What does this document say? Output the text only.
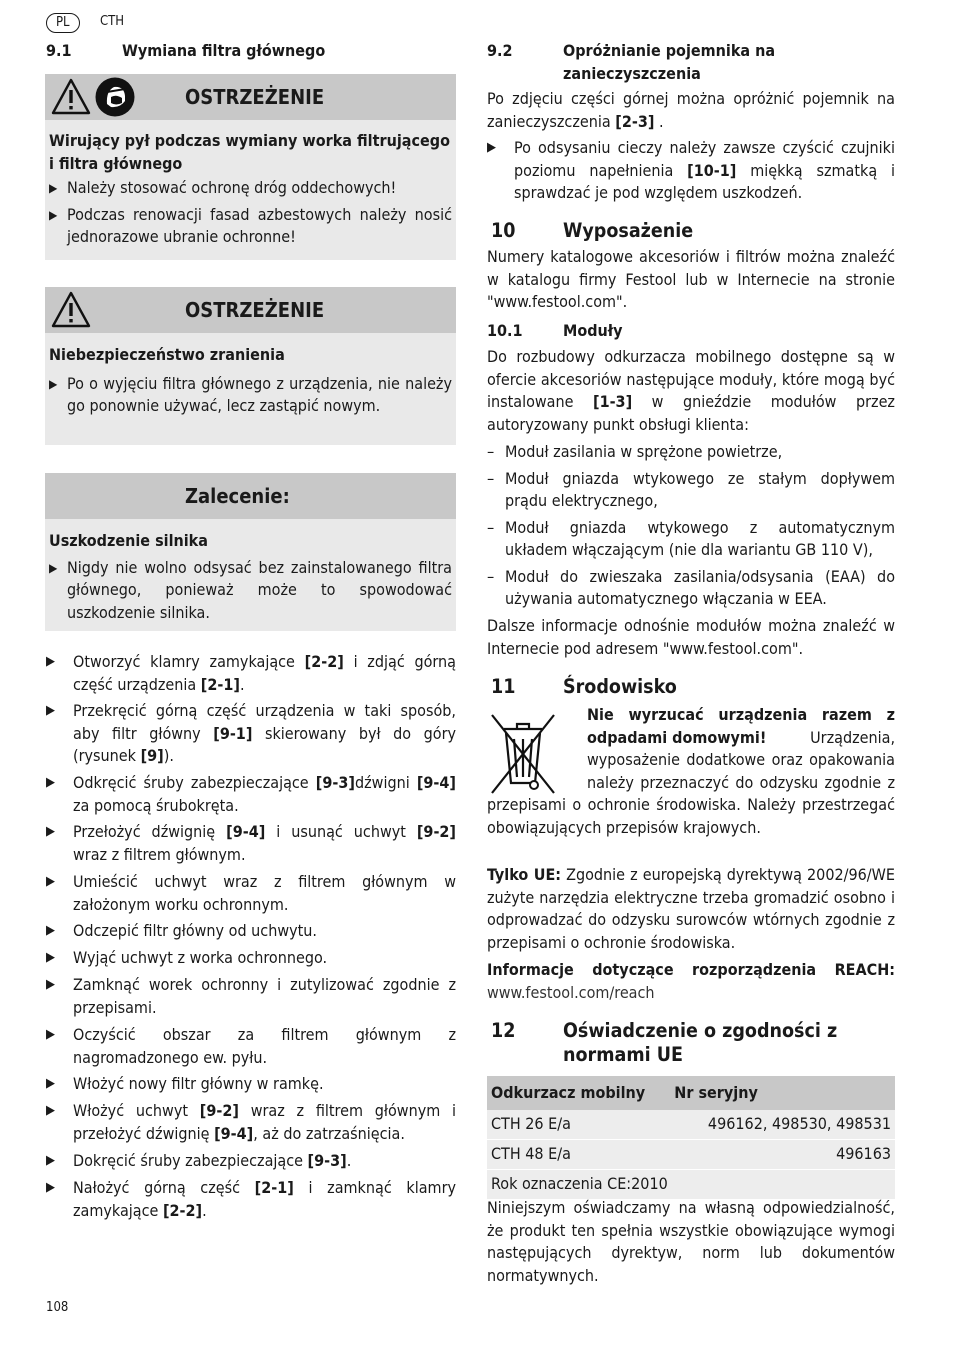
PL	CTH
9.1	Wymiana filtra głównego
OSTRZEŻENIE
Wirujący pył podczas wymiany worka filtrującego i filtra głównego
▶ Należy stosować ochronę dróg oddechowych!
▶ Podczas renowacji fasad azbestowych należy nosić jednorazowe ubranie ochronne!
OSTRZEŻENIE
Niebezpieczeństwo zranienia
▶ Po o wyjęciu filtra głównego z urządzenia, nie należy go ponownie używać, lecz zastąpić nowym.
Zalecenie:
Uszkodzenie silnika
▶ Nigdy nie wolno odsysać bez zainstalowanego filtra głównego, ponieważ może to spowodować uszkodzenie silnika.
▶ Otworzyć klamry zamykające [2-2] i zdjąć górną część urządzenia [2-1].
▶ Przekręcić górną część urządzenia w taki sposób, aby filtr główny [9-1] skierowany był do góry (rysunek [9]).
▶ Odkręcić śruby zabezpieczające [9-3]dźwigni [9-4] za pomocą śrubokręta.
▶ Przełożyć dźwignię [9-4] i usunąć uchwyt [9-2] wraz z filtrem głównym.
▶ Umieścić uchwyt wraz z filtrem głównym w założonym worku ochronnym.
▶ Odczepić filtr główny od uchwytu.
▶ Wyjąć uchwyt z worka ochronnego.
▶ Zamknąć worek ochronny i zutylizować zgodnie z przepisami.
▶ Oczyścić obszar za filtrem głównym z nagromadzonego ew. pyłu.
▶ Włożyć nowy filtr główny w ramkę.
▶ Włożyć uchwyt [9-2] wraz z filtrem głównym i przełożyć dźwignię [9-4], aż do zatrzaśnięcia.
▶ Dokręcić śruby zabezpieczające [9-3].
▶ Nałożyć górną część [2-1] i zamknąć klamry zamykające [2-2].
9.2	Opróżnianie pojemnika na zanieczyszczenia
Po zdjęciu części górnej można opróżnić pojemnik na zanieczyszczenia [2-3] .
▶ Po odsysaniu cieczy należy zawsze czyścić czujniki poziomu napełnienia [10-1] miękką szmatką i sprawdzać je pod względem uszkodzeń.
10 Wyposażenie
Numery katalogowe akcesoriów i filtrów można znaleźć w katalogu firmy Festool lub w Internecie na stronie "www.festool.com".
10.1	Moduły
Do rozbudowy odkurzacza mobilnego dostępne są w ofercie akcesoriów następujące moduły, które mogą być instalowane [1-3] w gnieździe modułów przez autoryzowany punkt obsługi klienta:
– Moduł zasilania w sprężone powietrze,
– Moduł gniazda wtykowego ze stałym dopływem prądu elektrycznego,
– Moduł gniazda wtykowego z automatycznym układem włączającym (nie dla wariantu GB 110 V),
– Moduł do zwieszaka zasilania/odsysania (EAA) do używania automatycznego włączania w EEA.
Dalsze informacje odnośnie modułów można znaleźć w Internecie pod adresem "www.festool.com".
11 Środowisko
Nie wyrzucać urządzenia razem z odpadami domowymi!	Urządzenia, wyposażenie dodatkowe oraz opakowania należy przeznaczyć do odzysku zgodnie z przepisami o ochronie środowiska. Należy przestrzegać obowiązujących przepisów krajowych.
Tylko UE: Zgodnie z europejską dyrektywą 2002/96/WE zużyte narzędzia elektryczne trzeba gromadzić osobno i odprowadzać do odzysku surowców wtórnych zgodnie z przepisami o ochronie środowiska.
Informacje dotyczące rozporządzenia REACH:
www.festool.com/reach
12	Oświadczenie o zgodności z normami UE
Odkurzacz mobilny	Nr seryjny
CTH 26 E/a	496162, 498530, 498531
CTH 48 E/a	496163
Rok oznaczenia CE:2010	
Niniejszym oświadczamy na własną odpowiedzialność, że produkt ten spełnia wszystkie obowiązujące wymogi następujących dyrektyw, norm lub dokumentów normatywnych.
108
